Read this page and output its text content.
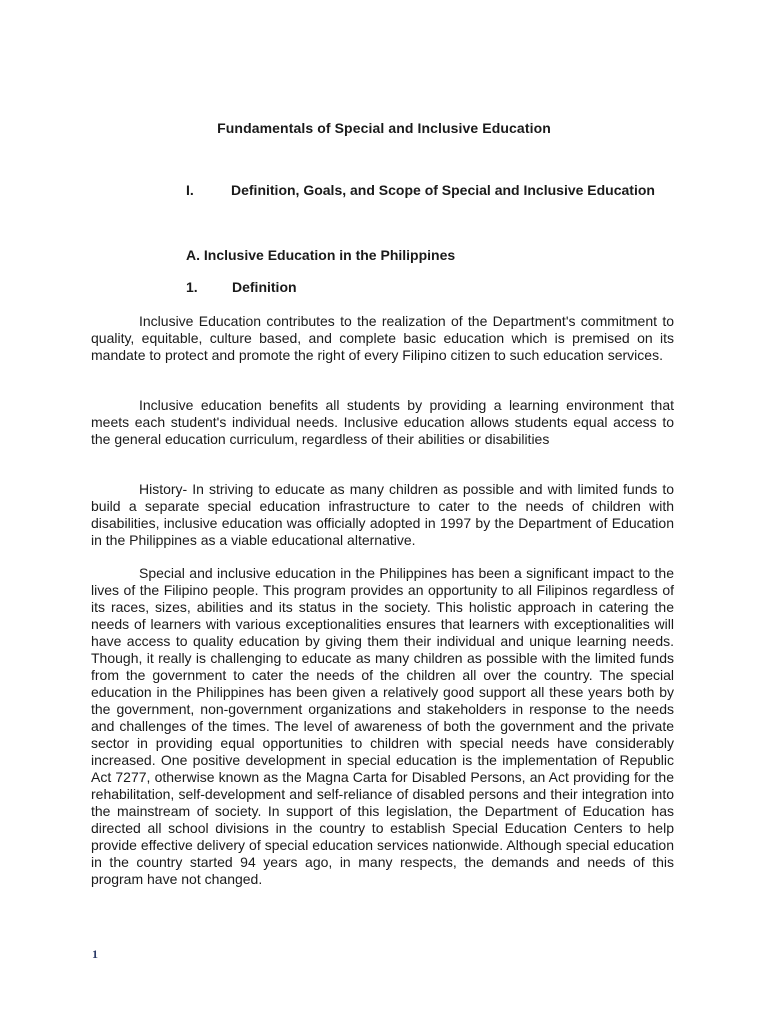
Fundamentals of Special and Inclusive Education
I.	Definition, Goals, and Scope of Special and Inclusive Education
A. Inclusive Education in the Philippines
1. Definition

Inclusive Education contributes to the realization of the Department's commitment to quality, equitable, culture based, and complete basic education which is premised on its mandate to protect and promote the right of every Filipino citizen to such education services.

Inclusive education benefits all students by providing a learning environment that meets each student's individual needs. Inclusive education allows students equal access to the general education curriculum, regardless of their abilities or disabilities

History- In striving to educate as many children as possible and with limited funds to build a separate special education infrastructure to cater to the needs of children with disabilities, inclusive education was officially adopted in 1997 by the Department of Education in the Philippines as a viable educational alternative.

Special and inclusive education in the Philippines has been a significant impact to the lives of the Filipino people. This program provides an opportunity to all Filipinos regardless of its races, sizes, abilities and its status in the society. This holistic approach in catering the needs of learners with various exceptionalities ensures that learners with exceptionalities will have access to quality education by giving them their individual and unique learning needs. Though, it really is challenging to educate as many children as possible with the limited funds from the government to cater the needs of the children all over the country. The special education in the Philippines has been given a relatively good support all these years both by the government, non-government organizations and stakeholders in response to the needs and challenges of the times. The level of awareness of both the government and the private sector in providing equal opportunities to children with special needs have considerably increased. One positive development in special education is the implementation of Republic Act 7277, otherwise known as the Magna Carta for Disabled Persons, an Act providing for the rehabilitation, self-development and self-reliance of disabled persons and their integration into the mainstream of society. In support of this legislation, the Department of Education has directed all school divisions in the country to establish Special Education Centers to help provide effective delivery of special education services nationwide. Although special education in the country started 94 years ago, in many respects, the demands and needs of this program have not changed.

1
